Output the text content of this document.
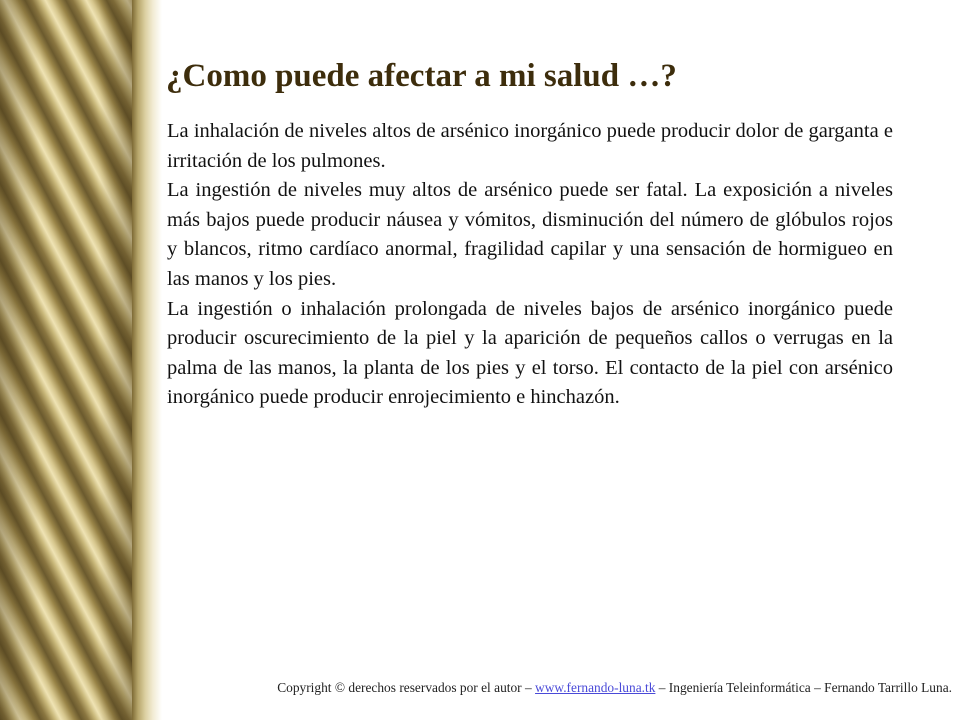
¿Como puede afectar a mi salud …?

La inhalación de niveles altos de arsénico inorgánico puede producir dolor de garganta e irritación de los pulmones.

La ingestión de niveles muy altos de arsénico puede ser fatal. La exposición a niveles más bajos puede producir náusea y vómitos, disminución del número de glóbulos rojos y blancos, ritmo cardíaco anormal, fragilidad capilar y una sensación de hormigueo en las manos y los pies.

La ingestión o inhalación prolongada de niveles bajos de arsénico inorgánico puede producir oscurecimiento de la piel y la aparición de pequeños callos o verrugas en la palma de las manos, la planta de los pies y el torso. El contacto de la piel con arsénico inorgánico puede producir enrojecimiento e hinchazón.

Copyright © derechos reservados por el autor – www.fernando-luna.tk – Ingeniería Teleinformática – Fernando Tarrillo Luna.
